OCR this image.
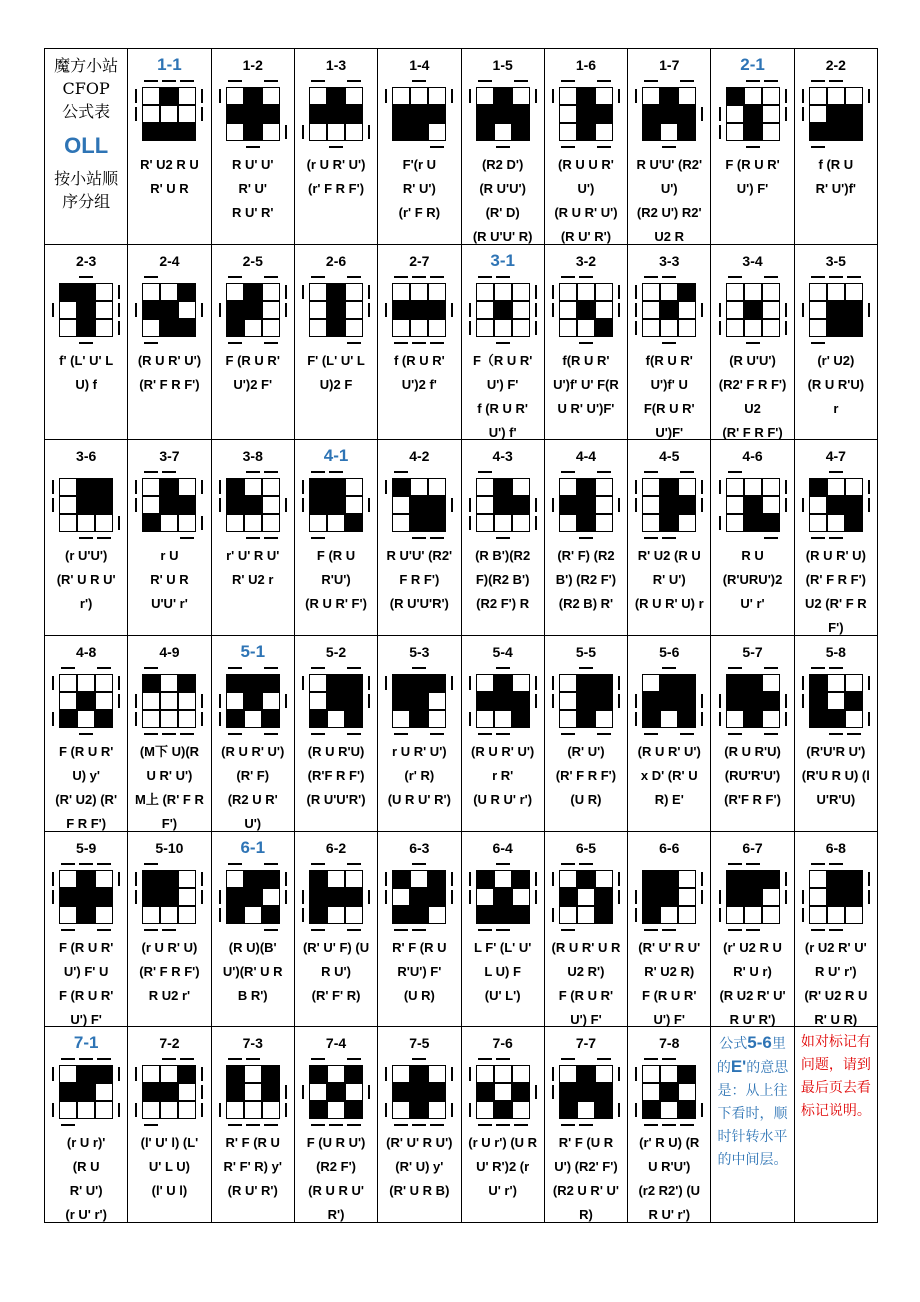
魔方小站
CFOP
公式表
OLL
按小站顺
序分组
1-1
R' U2 R U
R' U R
1-2
R U' U'
R' U'
R U' R'
1-3
(r U R' U')
(r' F R F')
1-4
F'(r U
R' U')
(r' F R)
1-5
(R2 D')
(R U'U')
(R' D)
(R U'U' R)
1-6
(R U U R'
U')
(R U R' U')
(R U' R')
1-7
R U'U' (R2'
U')
(R2 U') R2'
U2 R
2-1
F (R U R'
U') F'
2-2
f (R U
R' U')f'
2-3
f' (L' U' L
U) f
2-4
(R U R' U')
(R' F R F')
2-5
F (R U R'
U')2 F'
2-6
F' (L' U' L
U)2 F
2-7
f (R U R'
U')2 f'
3-1
F（R U R'
U') F'
f (R U R'
U') f'
3-2
f(R U R'
U')f' U' F(R
U R' U')F'
3-3
f(R U R'
U')f' U
F(R U R'
U')F'
3-4
(R U'U')
(R2' F R F')
U2
(R' F R F')
3-5
(r' U2)
(R U R'U)
r
3-6
(r U'U')
(R' U R U'
r')
3-7
r U
R' U R
U'U' r'
3-8
r' U' R U'
R' U2 r
4-1
F (R U
R'U')
(R U R' F')
4-2
R U'U' (R2'
F R F')
(R U'U'R')
4-3
(R B')(R2
F)(R2 B')
(R2 F') R
4-4
(R' F) (R2
B') (R2 F')
(R2 B) R'
4-5
R' U2 (R U
R' U')
(R U R' U) r
4-6
R U
(R'URU')2
U' r'
4-7
(R U R' U)
(R' F R F')
U2 (R' F R
F')
4-8
F (R U R'
U) y'
(R' U2) (R'
F R F')
4-9
(M下 U)(R
U R' U')
M上 (R' F R
F')
5-1
(R U R' U')
(R' F)
(R2 U R'
U')
5-2
(R U R'U)
(R'F R F')
(R U'U'R')
5-3
r U R' U')
(r' R)
(U R U' R')
5-4
(R U R' U')
r R'
(U R U' r')
5-5
(R' U')
(R' F R F')
(U R)
5-6
(R U R' U')
x D' (R' U
R) E'
5-7
(R U R'U)
(RU'R'U')
(R'F R F')
5-8
(R'U'R U')
(R'U R U) (l
U'R'U)
5-9
F (R U R'
U') F' U
F (R U R'
U') F'
5-10
(r U R' U)
(R' F R F')
R U2 r'
6-1
(R U)(B'
U')(R' U R
B R')
6-2
(R' U' F) (U
R U')
(R' F' R)
6-3
R' F (R U
R'U') F'
(U R)
6-4
L F' (L' U'
L U) F
(U' L')
6-5
(R U R' U R
U2 R')
F (R U R'
U') F'
6-6
(R' U' R U'
R' U2 R)
F (R U R'
U') F'
6-7
(r' U2 R U
R' U r)
(R U2 R' U'
R U' R')
6-8
(r U2 R' U'
R U' r')
(R' U2 R U
R' U R)
7-1
(r U r)'
(R U
R' U')
(r U' r')
7-2
(l' U' l) (L'
U' L U)
(l' U l)
7-3
R' F (R U
R' F' R) y'
(R U' R')
7-4
F (U R U')
(R2 F')
(R U R U'
R')
7-5
(R' U' R U')
(R' U) y'
(R' U R B)
7-6
(r U r') (U R
U' R')2 (r
U' r')
7-7
R' F (U R
U') (R2' F')
(R2 U R' U'
R)
7-8
(r' R U) (R
U R'U')
(r2 R2') (U
R U' r')
公式5-6里的E'的意思是：从上往下看时，顺时针转水平的中间层。
如对标记有问题，请到最后页去看标记说明。
